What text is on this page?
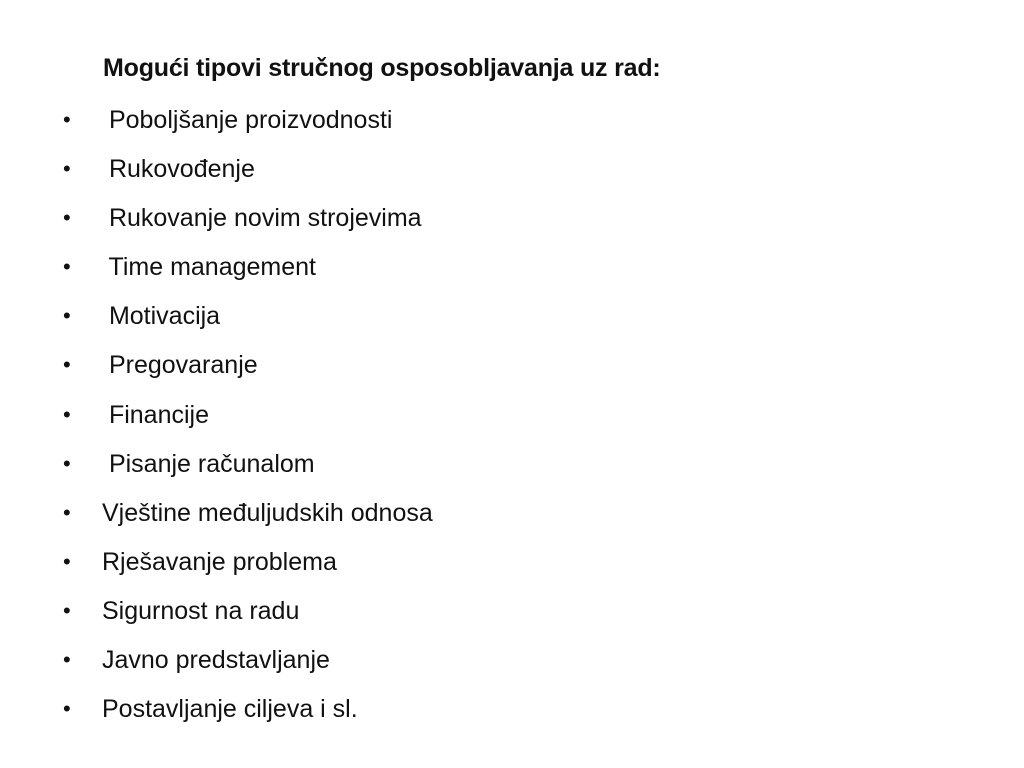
Mogući tipovi stručnog osposobljavanja uz rad:
• Poboljšanje proizvodnosti
• Rukovođenje
• Rukovanje novim strojevima
• Time management
• Motivacija
• Pregovaranje
• Financije
• Pisanje računalom
• Vještine međuljudskih odnosa
• Rješavanje problema
• Sigurnost na radu
• Javno predstavljanje
• Postavljanje ciljeva i sl.
